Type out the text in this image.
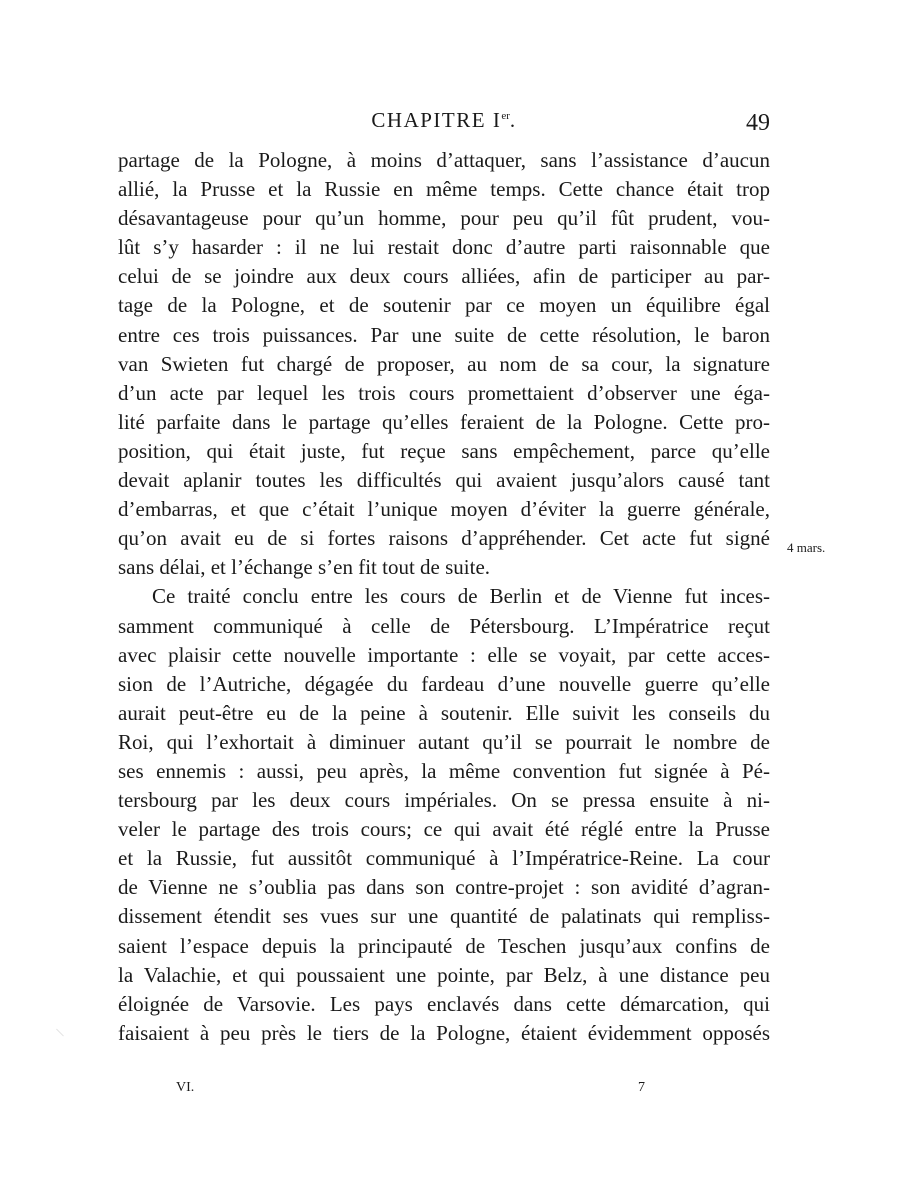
CHAPITRE Ier.	49
partage de la Pologne, à moins d’attaquer, sans l’assistance d’aucun
allié, la Prusse et la Russie en même temps. Cette chance était trop
désavantageuse pour qu’un homme, pour peu qu’il fût prudent, vou-
lût s’y hasarder : il ne lui restait donc d’autre parti raisonnable que
celui de se joindre aux deux cours alliées, afin de participer au par-
tage de la Pologne, et de soutenir par ce moyen un équilibre égal
entre ces trois puissances. Par une suite de cette résolution, le baron
van Swieten fut chargé de proposer, au nom de sa cour, la signature
d’un acte par lequel les trois cours promettaient d’observer une éga-
lité parfaite dans le partage qu’elles feraient de la Pologne. Cette pro-
position, qui était juste, fut reçue sans empêchement, parce qu’elle
devait aplanir toutes les difficultés qui avaient jusqu’alors causé tant
d’embarras, et que c’était l’unique moyen d’éviter la guerre générale,
qu’on avait eu de si fortes raisons d’appréhender. Cet acte fut signé
sans délai, et l’échange s’en fit tout de suite.
Ce traité conclu entre les cours de Berlin et de Vienne fut inces-
samment communiqué à celle de Pétersbourg. L’Impératrice reçut
avec plaisir cette nouvelle importante : elle se voyait, par cette acces-
sion de l’Autriche, dégagée du fardeau d’une nouvelle guerre qu’elle
aurait peut-être eu de la peine à soutenir. Elle suivit les conseils du
Roi, qui l’exhortait à diminuer autant qu’il se pourrait le nombre de
ses ennemis : aussi, peu après, la même convention fut signée à Pé-
tersbourg par les deux cours impériales. On se pressa ensuite à ni-
veler le partage des trois cours; ce qui avait été réglé entre la Prusse
et la Russie, fut aussitôt communiqué à l’Impératrice-Reine. La cour
de Vienne ne s’oublia pas dans son contre-projet : son avidité d’agran-
dissement étendit ses vues sur une quantité de palatinats qui rempliss-
saient l’espace depuis la principauté de Teschen jusqu’aux confins de
la Valachie, et qui poussaient une pointe, par Belz, à une distance peu
éloignée de Varsovie. Les pays enclavés dans cette démarcation, qui
faisaient à peu près le tiers de la Pologne, étaient évidemment opposés
4 mars.
VI.	7
